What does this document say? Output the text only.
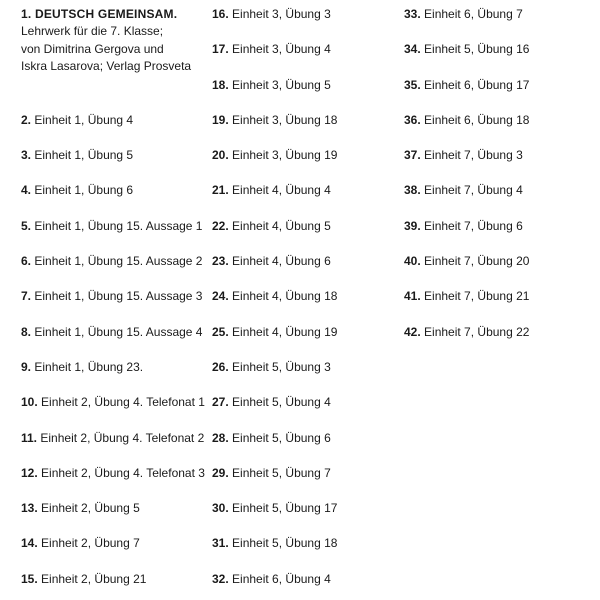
1. DEUTSCH GEMEINSAM.
Lehrwerk für die 7. Klasse;
von Dimitrina Gergova und
Iskra Lasarova; Verlag Prosveta
2. Einheit 1, Übung 4
3. Einheit 1, Übung 5
4. Einheit 1, Übung 6
5. Einheit 1, Übung 15. Aussage 1
6. Einheit 1, Übung 15. Aussage 2
7. Einheit 1, Übung 15. Aussage 3
8. Einheit 1, Übung 15. Aussage 4
9. Einheit 1, Übung 23.
10. Einheit 2, Übung 4. Telefonat 1
11. Einheit 2, Übung 4. Telefonat 2
12. Einheit 2, Übung 4. Telefonat 3
13. Einheit 2, Übung 5
14. Einheit 2, Übung 7
15. Einheit 2, Übung 21
16. Einheit 3, Übung 3
17. Einheit 3, Übung 4
18. Einheit 3, Übung 5
19. Einheit 3, Übung 18
20. Einheit 3, Übung 19
21. Einheit 4, Übung 4
22. Einheit 4, Übung 5
23. Einheit 4, Übung 6
24. Einheit 4, Übung 18
25. Einheit 4, Übung 19
26. Einheit 5, Übung 3
27. Einheit 5, Übung 4
28. Einheit 5, Übung 6
29. Einheit 5, Übung 7
30. Einheit 5, Übung 17
31. Einheit 5, Übung 18
32. Einheit 6, Übung 4
33. Einheit 6, Übung 7
34. Einheit 5, Übung 16
35. Einheit 6, Übung 17
36. Einheit 6, Übung 18
37. Einheit 7, Übung 3
38. Einheit 7, Übung 4
39. Einheit 7, Übung 6
40. Einheit 7, Übung 20
41. Einheit 7, Übung 21
42. Einheit 7, Übung 22
